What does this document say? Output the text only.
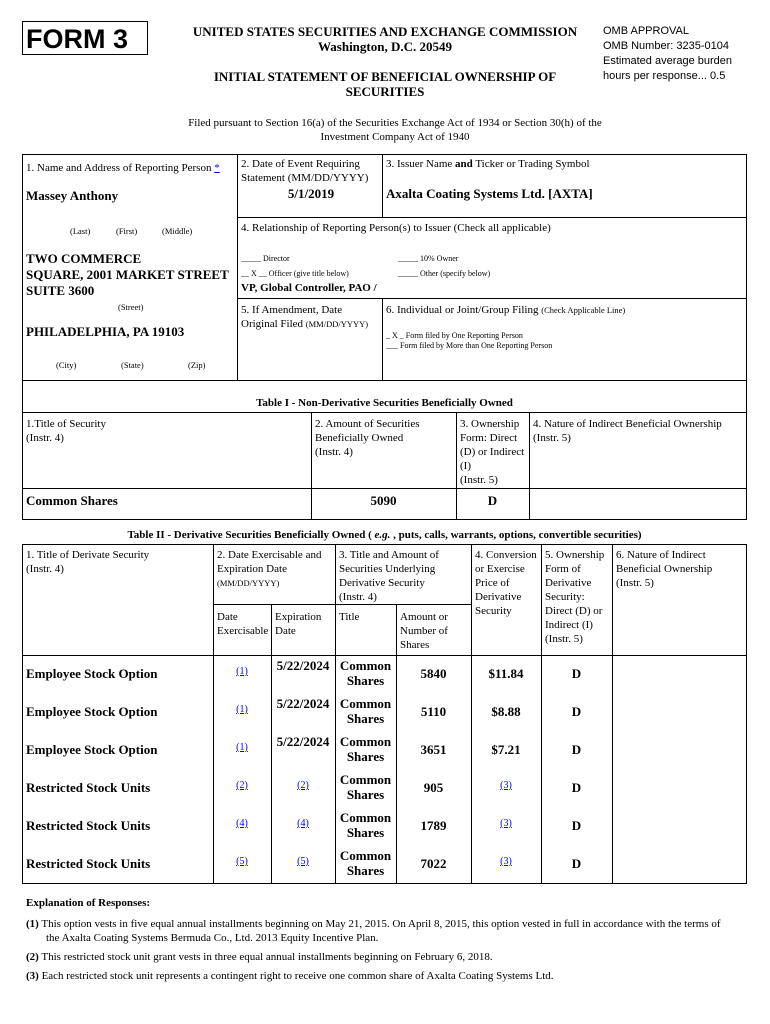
FORM 3	UNITED STATES SECURITIES AND EXCHANGE COMMISSION
Washington, D.C. 20549
INITIAL STATEMENT OF BENEFICIAL OWNERSHIP OF
SECURITIES
OMB APPROVAL
OMB Number: 3235-0104
Estimated average burden
hours per response... 0.5
Filed pursuant to Section 16(a) of the Securities Exchange Act of 1934 or Section 30(h) of the
Investment Company Act of 1940
1. Name and Address of Reporting Person *
Massey Anthony
(Last)	(First)	(Middle)
TWO COMMERCE
SQUARE, 2001 MARKET STREET
SUITE 3600
(Street)
PHILADELPHIA, PA 19103
(City)	(State)	(Zip)
2. Date of Event Requiring
Statement (MM/DD/YYYY)
5/1/2019
3. Issuer Name and Ticker or Trading Symbol
Axalta Coating Systems Ltd. [AXTA]
4. Relationship of Reporting Person(s) to Issuer (Check all applicable)
_____ Director	_____ 10% Owner
__ X __ Officer (give title below)	_____ Other (specify below)
VP, Global Controller, PAO /
5. If Amendment, Date
Original Filed (MM/DD/YYYY)
6. Individual or Joint/Group Filing (Check Applicable Line)
_ X _ Form filed by One Reporting Person
___ Form filed by More than One Reporting Person
Table I - Non-Derivative Securities Beneficially Owned
1.Title of Security
(Instr. 4)
2. Amount of Securities
Beneficially Owned
(Instr. 4)
3. Ownership
Form: Direct
(D) or Indirect
(I)
(Instr. 5)
4. Nature of Indirect Beneficial Ownership
(Instr. 5)
Common Shares	5090	D
Table II - Derivative Securities Beneficially Owned ( e.g. , puts, calls, warrants, options, convertible securities)
1. Title of Derivate Security
(Instr. 4)
2. Date Exercisable and
Expiration Date
(MM/DD/YYYY)
3. Title and Amount of
Securities Underlying
Derivative Security
(Instr. 4)
4. Conversion
or Exercise
Price of
Derivative
Security
5. Ownership
Form of
Derivative
Security:
Direct (D) or
Indirect (I)
(Instr. 5)
6. Nature of Indirect
Beneficial Ownership
(Instr. 5)
Date
Exercisable
Expiration
Date
Title	Amount or
Number of
Shares
Employee Stock Option	(1)	5/22/2024 Common
Shares	5840	$11.84	D
Employee Stock Option	(1)	5/22/2024 Common
Shares	5110	$8.88	D
Employee Stock Option	(1)	5/22/2024 Common
Shares	3651	$7.21	D
Restricted Stock Units	(2)	(2)	Common
Shares	905	(3)	D
Restricted Stock Units	(4)	(4)	Common
Shares	1789	(3)	D
Restricted Stock Units	(5)	(5)	Common
Shares	7022	(3)	D
Explanation of Responses:
(1) This option vests in five equal annual installments beginning on May 21, 2015. On April 8, 2015, this option vested in full in accordance with the terms of
the Axalta Coating Systems Bermuda Co., Ltd. 2013 Equity Incentive Plan.
(2) This restricted stock unit grant vests in three equal annual installments beginning on February 6, 2018.
(3) Each restricted stock unit represents a contingent right to receive one common share of Axalta Coating Systems Ltd.
